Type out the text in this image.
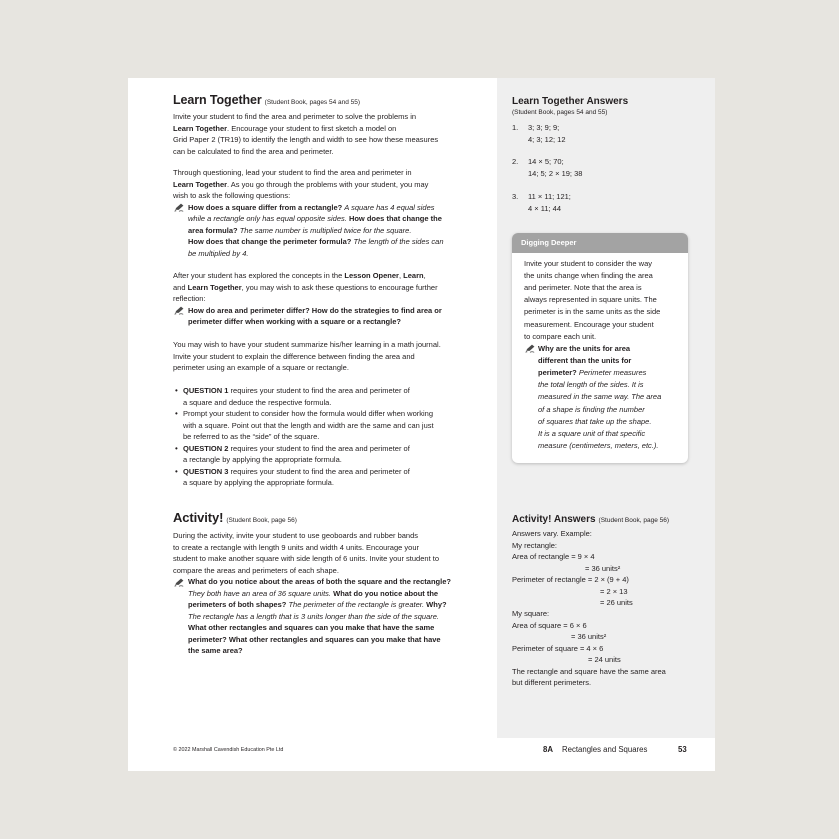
Learn Together (Student Book, pages 54 and 55)
Invite your student to find the area and perimeter to solve the problems in
Learn Together. Encourage your student to first sketch a model on
Grid Paper 2 (TR19) to identify the length and width to see how these measures
can be calculated to find the area and perimeter.
Through questioning, lead your student to find the area and perimeter in
Learn Together. As you go through the problems with your student, you may
wish to ask the following questions:
How does a square differ from a rectangle? A square has 4 equal sides
while a rectangle only has equal opposite sides. How does that change the
area formula? The same number is multiplied twice for the square.
How does that change the perimeter formula? The length of the sides can
be multiplied by 4.
After your student has explored the concepts in the Lesson Opener, Learn,
and Learn Together, you may wish to ask these questions to encourage further
reflection:
How do area and perimeter differ? How do the strategies to find area or
perimeter differ when working with a square or a rectangle?
You may wish to have your student summarize his/her learning in a math journal.
Invite your student to explain the difference between finding the area and
perimeter using an example of a square or rectangle.
• QUESTION 1 requires your student to find the area and perimeter of
a square and deduce the respective formula.
• Prompt your student to consider how the formula would differ when working
with a square. Point out that the length and width are the same and can just
be referred to as the “side” of the square.
• QUESTION 2 requires your student to find the area and perimeter of
a rectangle by applying the appropriate formula.
• QUESTION 3 requires your student to find the area and perimeter of
a square by applying the appropriate formula.
Activity! (Student Book, page 56)
During the activity, invite your student to use geoboards and rubber bands
to create a rectangle with length 9 units and width 4 units. Encourage your
student to make another square with side length of 6 units. Invite your student to
compare the areas and perimeters of each shape.
What do you notice about the areas of both the square and the rectangle?
They both have an area of 36 square units. What do you notice about the
perimeters of both shapes? The perimeter of the rectangle is greater. Why?
The rectangle has a length that is 3 units longer than the side of the square.
What other rectangles and squares can you make that have the same
perimeter? What other rectangles and squares can you make that have
the same area?
Learn Together Answers
(Student Book, pages 54 and 55)
1. 3; 3; 9; 9;
4; 3; 12; 12
2. 14 × 5; 70;
14; 5; 2 × 19; 38
3. 11 × 11; 121;
4 × 11; 44
Digging Deeper
Invite your student to consider the way
the units change when finding the area
and perimeter. Note that the area is
always represented in square units. The
perimeter is in the same units as the side
measurement. Encourage your student
to compare each unit.
Why are the units for area
different than the units for
perimeter? Perimeter measures
the total length of the sides. It is
measured in the same way. The area
of a shape is finding the number
of squares that take up the shape.
It is a square unit of that specific
measure (centimeters, meters, etc.).
Activity! Answers (Student Book, page 56)
Answers vary. Example:
My rectangle:
Area of rectangle = 9 × 4
= 36 units²
Perimeter of rectangle = 2 × (9 + 4)
= 2 × 13
= 26 units
My square:
Area of square = 6 × 6
= 36 units²
Perimeter of square = 4 × 6
= 24 units
The rectangle and square have the same area
but different perimeters.
© 2022 Marshall Cavendish Education Pte Ltd	8A Rectangles and Squares	53
